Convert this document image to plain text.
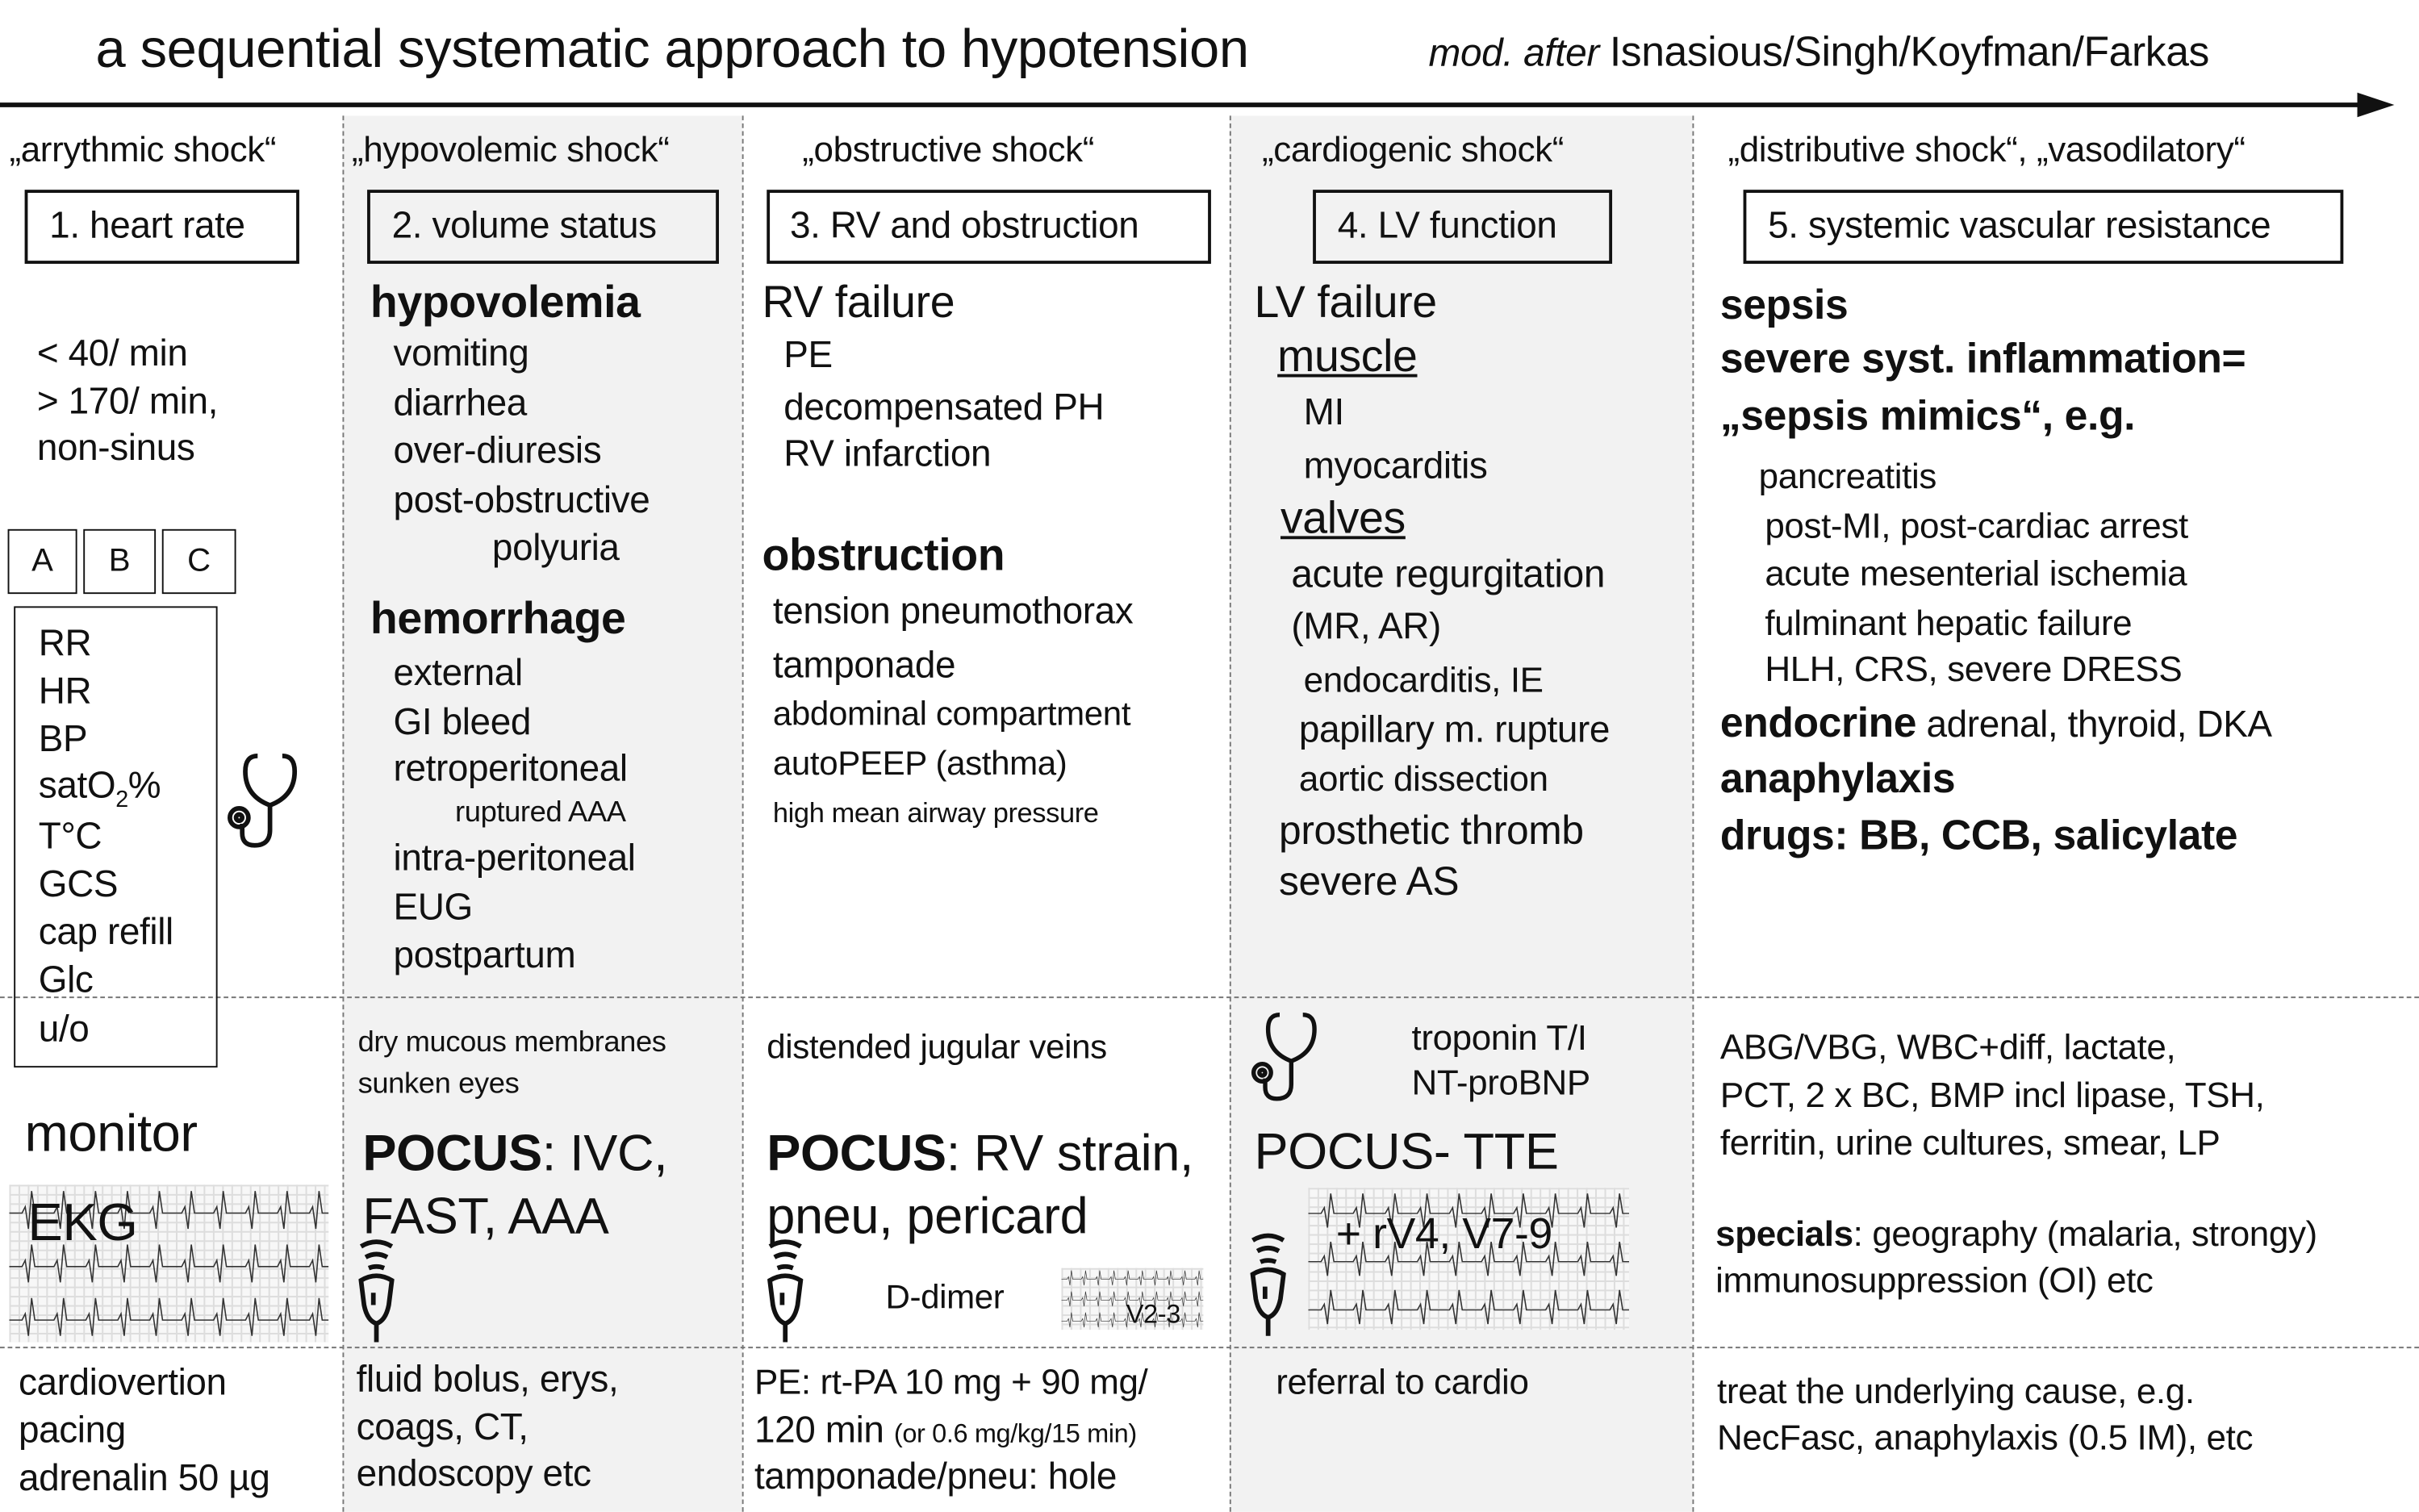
A	B	C
mod. after Isnasious/Singh/Koyfman/Farkas
satO$_2$%
POCUS: IVC,	POCUS: RV strain,
120 min (or 0.6 mg/kg/15 min)
endocrine adrenal, thyroid, DKA
specials: geography (malaria, strongy)
a sequential systematic approach to hypotension
„arrythmic shock“
1. heart rate
< 40/ min
> 170/ min,
non-sinus
RR
HR
BP
T°C
GCS
cap refill
Glc
u/o
monitor
EKG
cardiovertion
pacing
adrenalin 50 µg
„hypovolemic shock“
2. volume status
hypovolemia
vomiting
diarrhea
over-diuresis
post-obstructive
polyuria
hemorrhage
external
GI bleed
retroperitoneal
ruptured AAA
intra-peritoneal
EUG
postpartum
dry mucous membranes
sunken eyes
FAST, AAA
fluid bolus, erys,
coags, CT,
endoscopy etc
„obstructive shock“
3. RV and obstruction
RV failure
PE
decompensated PH
RV infarction
obstruction
tension pneumothorax
tamponade
abdominal compartment
autoPEEP (asthma)
high mean airway pressure
distended jugular veins
pneu, pericard
D-dimer	V2-3
PE: rt-PA 10 mg + 90 mg/
tamponade/pneu: hole
„cardiogenic shock“
4. LV function
LV failure
muscle
MI
myocarditis
valves
acute regurgitation
(MR, AR)
endocarditis, IE
papillary m. rupture
aortic dissection
prosthetic thromb
severe AS
troponin T/I
NT-proBNP
POCUS- TTE
+ rV4, V7-9
referral to cardio
„distributive shock“, „vasodilatory“
5. systemic vascular resistance
sepsis
severe syst. inflammation=
„sepsis mimics“, e.g.
pancreatitis
post-MI, post-cardiac arrest
acute mesenterial ischemia
fulminant hepatic failure
HLH, CRS, severe DRESS
anaphylaxis
drugs: BB, CCB, salicylate
ABG/VBG, WBC+diff, lactate,
PCT, 2 x BC, BMP incl lipase, TSH,
ferritin, urine cultures, smear, LP
immunosuppression (OI) etc
treat the underlying cause, e.g.
NecFasc, anaphylaxis (0.5 IM), etc
